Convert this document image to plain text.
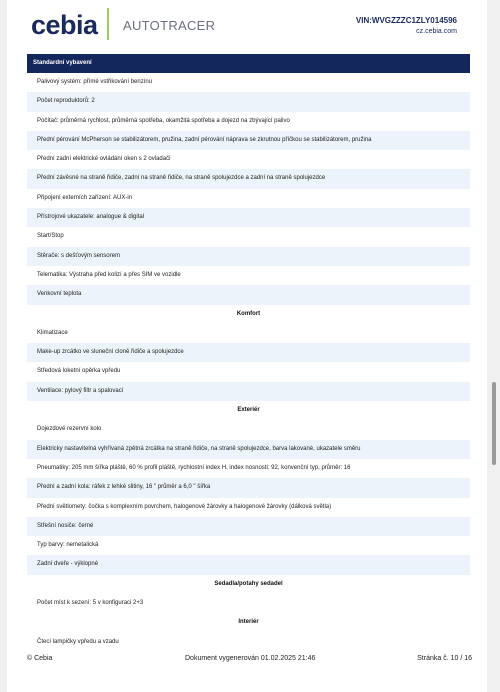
cebia AUTOTRACER	VIN:WVGZZZC1ZLY014596
cz.cebia.com
Standardní vybavení
Palivový systém: přímé vstřikování benzínu
Počet reproduktorů: 2
Počítač: průměrná rychlost, průměrná spotřeba, okamžitá spotřeba a dojezd na zbývající palivo
Přední pérování McPherson se stabilizátorem, pružina, zadní pérování náprava se zkrutnou příčkou se stabilizátorem, pružina
Přední zadní elektrické ovládání oken s 2 ovladači
Přední závěsné na straně řidiče, zadní na straně řidiče, na straně spolujezdce a zadní na straně spolujezdce
Připojení externích zařízení: AUX-in
Přístrojové ukazatele: analogue & digital
Start/Stop
Stěrače: s dešťovým sensorem
Telematika: Výstraha před kolizí a přes SIM ve vozidle
Venkovní teplota
Komfort
Klimatizace
Make-up zrcátko ve sluneční cloně řidiče a spolujezdce
Středová loketní opěrka vpředu
Ventilace: pylový filtr a spalovací
Exteriér
Dojezdové rezervní kolo
Elektricky nastavitelná vyhřívaná zpětná zrcátka na straně řidiče, na straně spolujezdce, barva lakované, ukazatele směru
Pneumatiky: 205 mm šířka pláště, 60 % profil pláště, rychlostní index H, index nosnosti: 92, konvenční typ, průměr: 16
Přední a zadní kola: ráfek z lehké slitiny, 16 " průměr a 6,0 " šířka
Přední světlomety: čočka s komplexním povrchem, halogenové žárovky a halogenové žárovky (dálková světla)
Střešní nosiče: černé
Typ barvy: nemetalická
Zadní dveře - výklopné
Sedadla/potahy sedadel
Počet míst k sezení: 5 v konfiguraci 2+3
Interiér
Čtecí lampičky vpředu a vzadu
© Cebia	Dokument vygenerován 01.02.2025 21:46	Stránka č. 10 / 16
